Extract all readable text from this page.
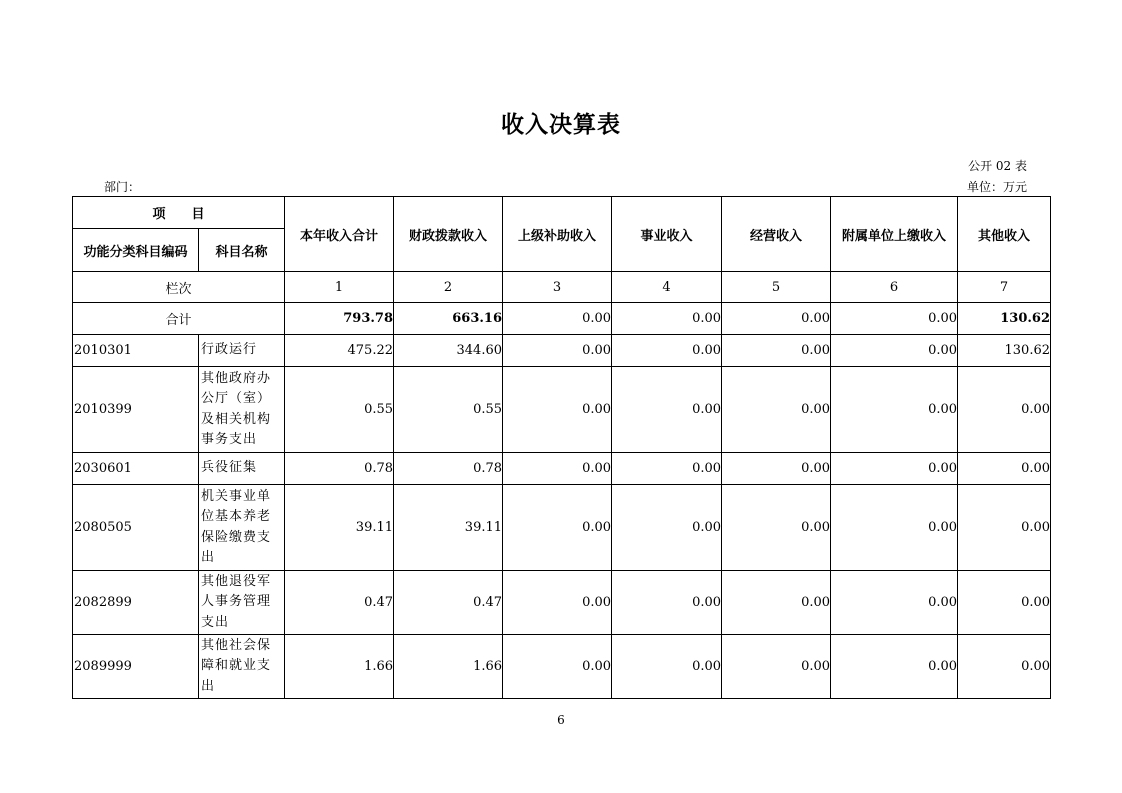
收入决算表
公开 02 表
部门：	单位：万元
项　　目		本年收入合计	财政拨款收入	上级补助收入	事业收入	经营收入	附属单位上缴收入	其他收入
功能分类科目编码	科目名称							
栏次		1	2	3	4	5	6	7
合计		793.78	663.16	0.00	0.00	0.00	0.00	130.62
2010301	行政运行	475.22	344.60	0.00	0.00	0.00	0.00	130.62
2010399	其他政府办公厅（室）及相关机构事务支出	0.55	0.55	0.00	0.00	0.00	0.00	0.00
2030601	兵役征集	0.78	0.78	0.00	0.00	0.00	0.00	0.00
2080505	机关事业单位基本养老保险缴费支出	39.11	39.11	0.00	0.00	0.00	0.00	0.00
2082899	其他退役军人事务管理支出	0.47	0.47	0.00	0.00	0.00	0.00	0.00
2089999	其他社会保障和就业支出	1.66	1.66	0.00	0.00	0.00	0.00	0.00
6
